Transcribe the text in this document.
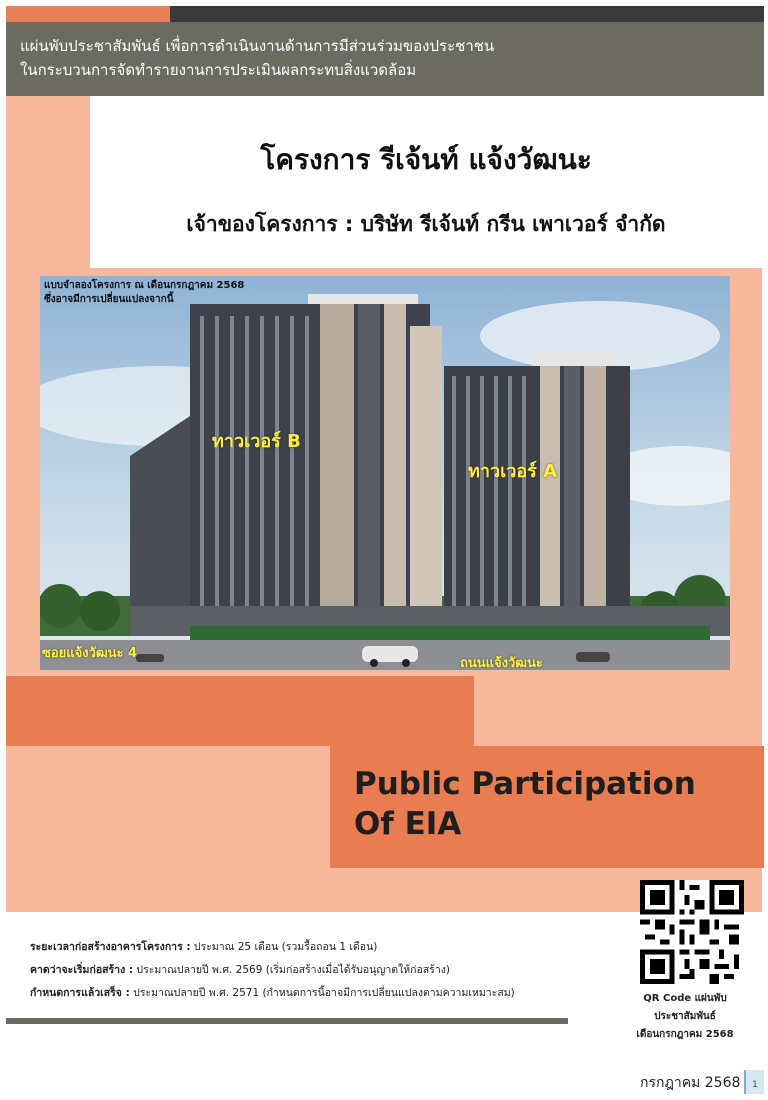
แผ่นพับประชาสัมพันธ์ เพื่อการดำเนินงานด้านการมีส่วนร่วมของประชาชน
ในกระบวนการจัดทำรายงานการประเมินผลกระทบสิ่งแวดล้อม
โครงการ รีเจ้นท์ แจ้งวัฒนะ
เจ้าของโครงการ : บริษัท รีเจ้นท์ กรีน เพาเวอร์ จำกัด
แบบจำลองโครงการ ณ เดือนกรกฎาคม 2568
ซึ่งอาจมีการเปลี่ยนแปลงจากนี้
ทาวเวอร์ B
ทาวเวอร์ A
ซอยแจ้งวัฒนะ 4
ถนนแจ้งวัฒนะ
Public Participation
Of EIA
ระยะเวลาก่อสร้างอาคารโครงการ : ประมาณ 25 เดือน (รวมรื้อถอน 1 เดือน)
คาดว่าจะเริ่มก่อสร้าง : ประมาณปลายปี พ.ศ. 2569 (เริ่มก่อสร้างเมื่อได้รับอนุญาตให้ก่อสร้าง)
กำหนดการแล้วเสร็จ : ประมาณปลายปี พ.ศ. 2571 (กำหนดการนี้อาจมีการเปลี่ยนแปลงตามความเหมาะสม)	QR Code แผ่นพับ
ประชาสัมพันธ์
เดือนกรกฎาคม 2568
กรกฎาคม 2568	1
